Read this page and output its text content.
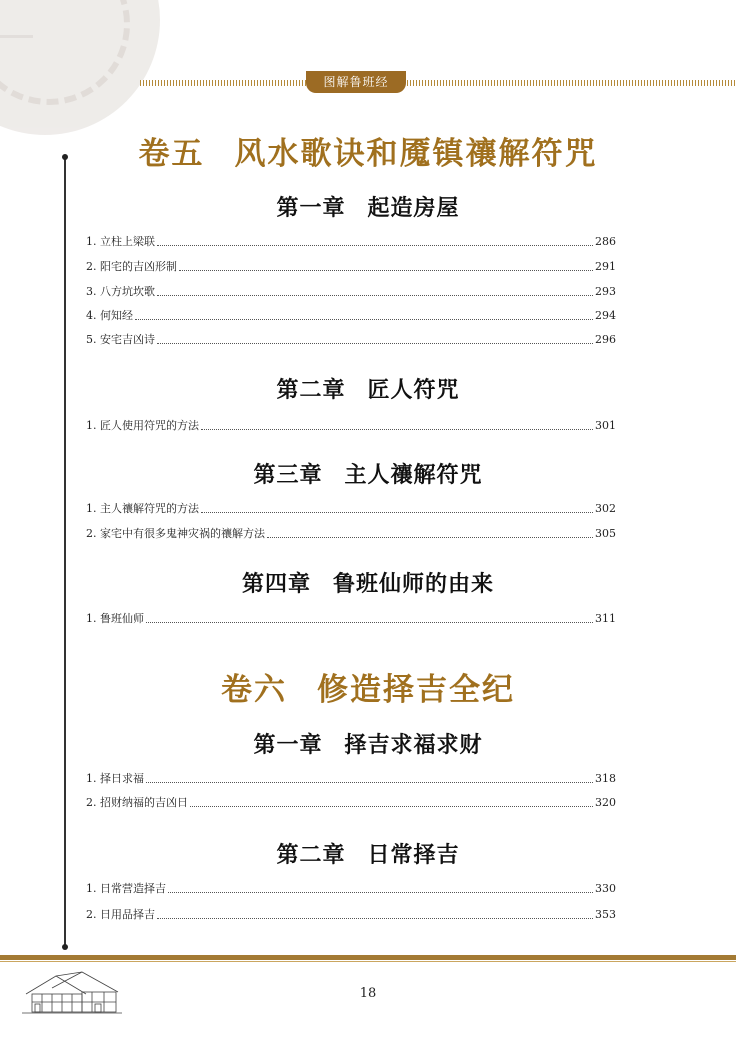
图解鲁班经
卷五 风水歌诀和魇镇禳解符咒
第一章 起造房屋
1. 立柱上梁联	286
2. 阳宅的吉凶形制	291
3. 八方坑坎歌	293
4. 何知经	294
5. 安宅吉凶诗	296
第二章 匠人符咒
1. 匠人使用符咒的方法	301
第三章 主人禳解符咒
1. 主人禳解符咒的方法	302
2. 家宅中有很多鬼神灾祸的禳解方法	305
第四章 鲁班仙师的由来
1. 鲁班仙师	311
卷六 修造择吉全纪
第一章 择吉求福求财
1. 择日求福	318
2. 招财纳福的吉凶日	320
第二章 日常择吉
1. 日常营造择吉	330
2. 日用品择吉	353
18
